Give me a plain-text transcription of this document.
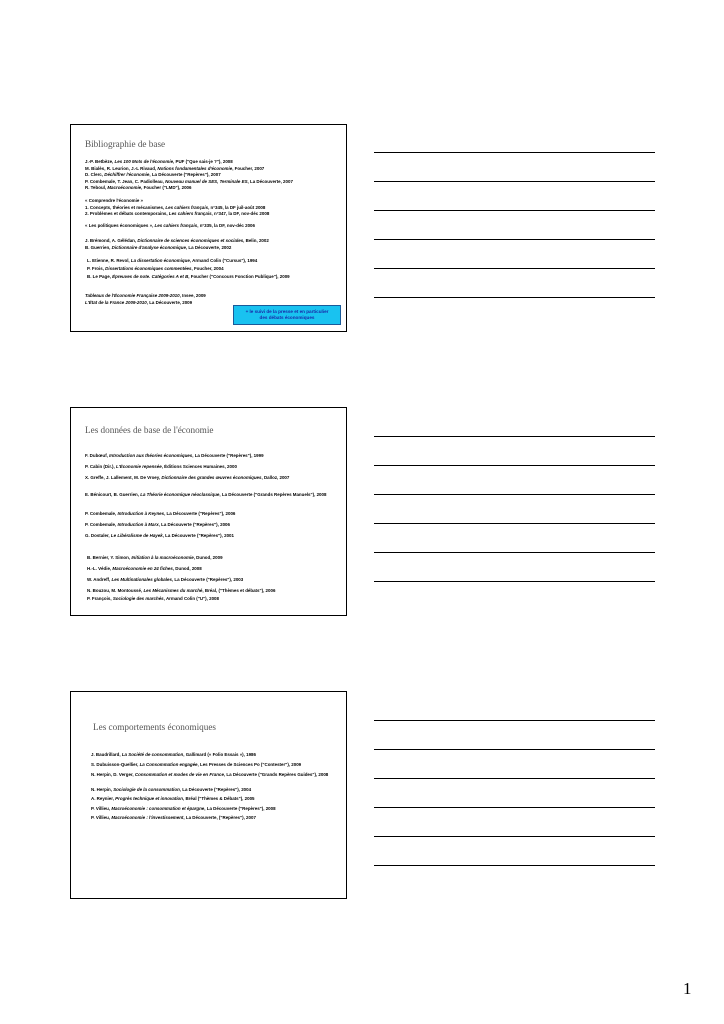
Bibliographie de base
J.-P. Betbèze, Les 100 Mots de l'économie, PUF ("Que sais-je ?"), 2008
M. Bialès, R. Leurion, J.-L Rivaud, Notions fondamentales d'économie, Foucher, 2007
D. Clerc, Déchiffrer l'économie, La Découverte ("Repères"), 2007
P. Combemale, T. Jean, C. Padiolleau, Nouveau manuel de SES, Terminale ES, La Découverte, 2007
R. Teboul, Macroéconomie, Foucher ("LMD"), 2006
« Comprendre l'économie »
1. Concepts, théories et mécanismes, Les cahiers français, n°345, la DF juil-août 2008
2. Problèmes et débats contemporains, Les cahiers français, n°347, la DF, nov-déc 2008
« Les politiques économiques », Les cahiers français, n°335, la DF, nov-déc 2006
J. Brémond, A. Gélédan, Dictionnaire de sciences économiques et sociales, Belin, 2002
B. Guerrien, Dictionnaire d'analyse économique, La Découverte, 2002
L. Etienne, R. Revol, La dissertation économique, Armand Colin ("Cursus"), 1994
P. Frois, Dissertations économiques commentées, Foucher, 2004
B. Le Page, Épreuves de note. Catégories A et B, Foucher ("Concours Fonction Publique"), 2009
Tableaux de l'Économie Française 2009-2010, Insee, 2009
L'État de la France 2009-2010, La Découverte, 2009
+ le suivi de la presse et en particulier
des débats économiques
Les données de base de l'économie
F. Dubœuf, Introduction aux théories économiques, La Découverte ("Repères"), 1999
P. Cabin (Dir.), L'Économie repensée, Éditions Sciences Humaines, 2000
X. Greffe, J. Lallement, M. De Vroey, Dictionnaire des grandes œuvres économiques, Dalloz, 2007
E. Bénicourt, B. Guerrien, La Théorie économique néoclassique, La Découverte ("Grands Repères Manuels"), 2008
P. Combemale, Introduction à Keynes, La Découverte ("Repères"), 2006
P. Combemale, Introduction à Marx, La Découverte ("Repères"), 2006
G. Dostaler, Le Libéralisme de Hayek, La Découverte ("Repères"), 2001
B. Bernier, Y. Simon, Initiation à la macroéconomie, Dunod, 2009
H.-L. Védie, Macroéconomie en 24 fiches, Dunod, 2008
W. Andreff, Les Multinationales globales, La Découverte ("Repères"), 2003
N. Bouzou, M. Montoussé, Les Mécanismes du marché, Bréal, ("Thèmes et débats"), 2006
P. François, Sociologie des marchés, Armand Colin ("U"), 2008
Les comportements économiques
J. Baudrillard, La Société de consommation, Gallimard (« Folio Essais »), 1986
S. Dubuisson-Quellier, La Consommation engagée, Les Presses de Sciences Po ("Contester"), 2009
N. Herpin, D. Verger, Consommation et modes de vie en France, La Découverte ("Grands Repères Guides"), 2008
N. Herpin, Sociologie de la consommation, La Découverte ("Repères"), 2004
A. Reynier, Progrès technique et innovation, Bréal ("Thèmes & Débats"), 2005
P. Villieu, Macroéconomie : consommation et épargne, La Découverte ("Repères"), 2008
P. Villieu, Macroéconomie : l'investissement, La Découverte, ("Repères"), 2007
1
